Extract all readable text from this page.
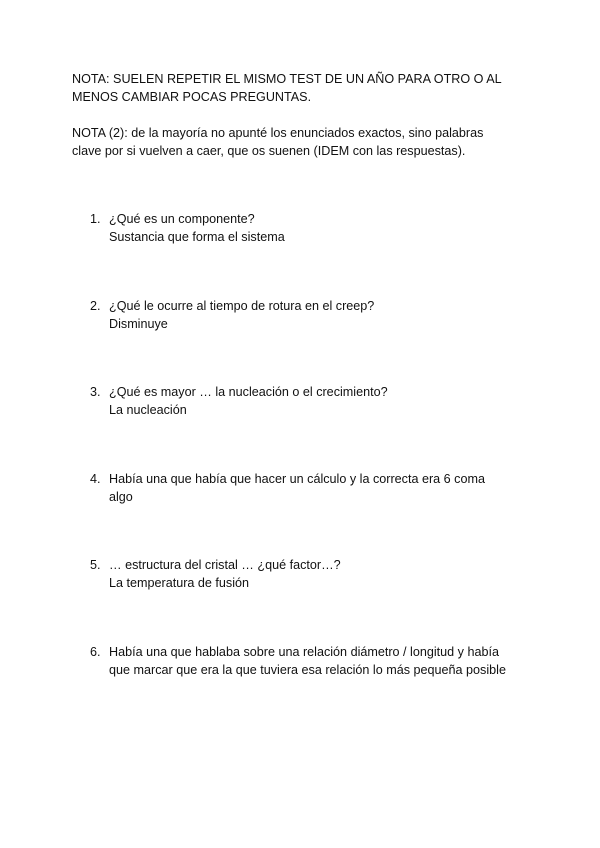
NOTA: SUELEN REPETIR EL MISMO TEST DE UN AÑO PARA OTRO O AL
MENOS CAMBIAR POCAS PREGUNTAS.
NOTA (2): de la mayoría no apunté los enunciados exactos, sino palabras
clave por si vuelven a caer, que os suenen (IDEM con las respuestas).
1. ¿Qué es un componente?
Sustancia que forma el sistema
2. ¿Qué le ocurre al tiempo de rotura en el creep?
Disminuye
3. ¿Qué es mayor … la nucleación o el crecimiento?
La nucleación
4. Había una que había que hacer un cálculo y la correcta era 6 coma
algo
5. … estructura del cristal … ¿qué factor…?
La temperatura de fusión
6. Había una que hablaba sobre una relación diámetro / longitud y había
que marcar que era la que tuviera esa relación lo más pequeña posible
